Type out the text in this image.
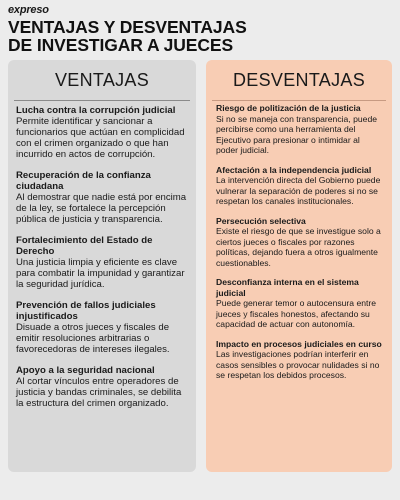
expreso
VENTAJAS Y DESVENTAJAS
DE INVESTIGAR A JUECES
VENTAJAS
Lucha contra la corrupción judicial
Permite identificar y sancionar a funcionarios que actúan en complicidad con el crimen organizado o que han incurrido en actos de corrupción.
Recuperación de la confianza ciudadana
Al demostrar que nadie está por encima de la ley, se fortalece la percepción pública de justicia y transparencia.
Fortalecimiento del Estado de Derecho
Una justicia limpia y eficiente es clave para combatir la impunidad y garantizar la seguridad jurídica.
Prevención de fallos judiciales injustificados
Disuade a otros jueces y fiscales de emitir resoluciones arbitrarias o favorecedoras de intereses ilegales.
Apoyo a la seguridad nacional
Al cortar vínculos entre operadores de justicia y bandas criminales, se debilita la estructura del crimen organizado.
DESVENTAJAS
Riesgo de politización de la justicia
Si no se maneja con transparencia, puede percibirse como una herramienta del Ejecutivo para presionar o intimidar al poder judicial.
Afectación a la independencia judicial
La intervención directa del Gobierno puede vulnerar la separación de poderes si no se respetan los canales institucionales.
Persecución selectiva
Existe el riesgo de que se investigue solo a ciertos jueces o fiscales por razones políticas, dejando fuera a otros igualmente cuestionables.
Desconfianza interna en el sistema judicial
Puede generar temor o autocensura entre jueces y fiscales honestos, afectando su capacidad de actuar con autonomía.
Impacto en procesos judiciales en curso
Las investigaciones podrían interferir en casos sensibles o provocar nulidades si no se respetan los debidos procesos.
